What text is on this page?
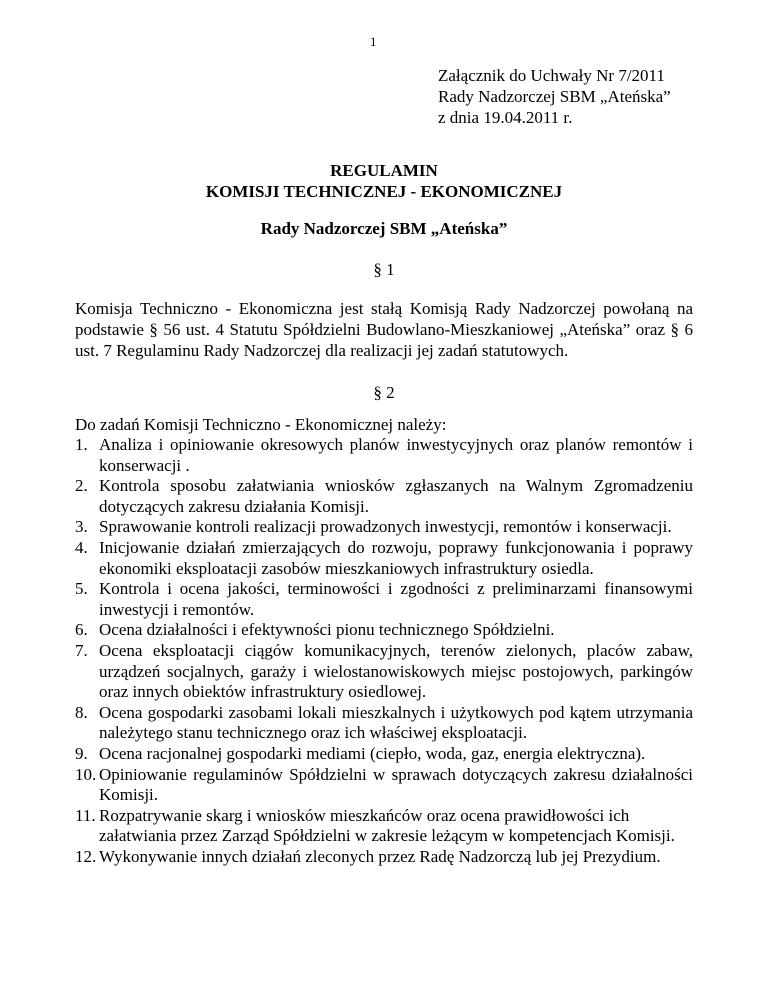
1
Załącznik do Uchwały Nr 7/2011
Rady Nadzorczej SBM „Ateńska”
z dnia 19.04.2011 r.
REGULAMIN
KOMISJI TECHNICZNEJ - EKONOMICZNEJ
Rady Nadzorczej SBM „Ateńska”
§ 1
Komisja Techniczno - Ekonomiczna jest stałą Komisją Rady Nadzorczej powołaną na podstawie § 56 ust. 4 Statutu Spółdzielni Budowlano-Mieszkaniowej „Ateńska” oraz § 6 ust. 7 Regulaminu Rady Nadzorczej dla realizacji jej zadań statutowych.
§ 2
Do zadań Komisji Techniczno - Ekonomicznej należy:
1. Analiza i opiniowanie okresowych planów inwestycyjnych oraz planów remontów i konserwacji .
2. Kontrola sposobu załatwiania wniosków zgłaszanych na Walnym Zgromadzeniu dotyczących zakresu działania Komisji.
3. Sprawowanie kontroli realizacji prowadzonych inwestycji, remontów i konserwacji.
4. Inicjowanie działań zmierzających do rozwoju, poprawy funkcjonowania i poprawy ekonomiki eksploatacji zasobów mieszkaniowych infrastruktury osiedla.
5. Kontrola i ocena jakości, terminowości i zgodności z preliminarzami finansowymi inwestycji i remontów.
6. Ocena działalności i efektywności pionu technicznego Spółdzielni.
7. Ocena eksploatacji ciągów komunikacyjnych, terenów zielonych, placów zabaw, urządzeń socjalnych, garaży i wielostanowiskowych miejsc postojowych, parkingów oraz innych obiektów infrastruktury osiedlowej.
8. Ocena gospodarki zasobami lokali mieszkalnych i użytkowych pod kątem utrzymania należytego stanu technicznego oraz ich właściwej eksploatacji.
9. Ocena racjonalnej gospodarki mediami (ciepło, woda, gaz, energia elektryczna).
10. Opiniowanie regulaminów Spółdzielni w sprawach dotyczących zakresu działalności Komisji.
11. Rozpatrywanie skarg i wniosków mieszkańców oraz ocena prawidłowości ich załatwiania przez Zarząd Spółdzielni w zakresie leżącym w kompetencjach Komisji.
12. Wykonywanie innych działań zleconych przez Radę Nadzorczą lub jej Prezydium.
